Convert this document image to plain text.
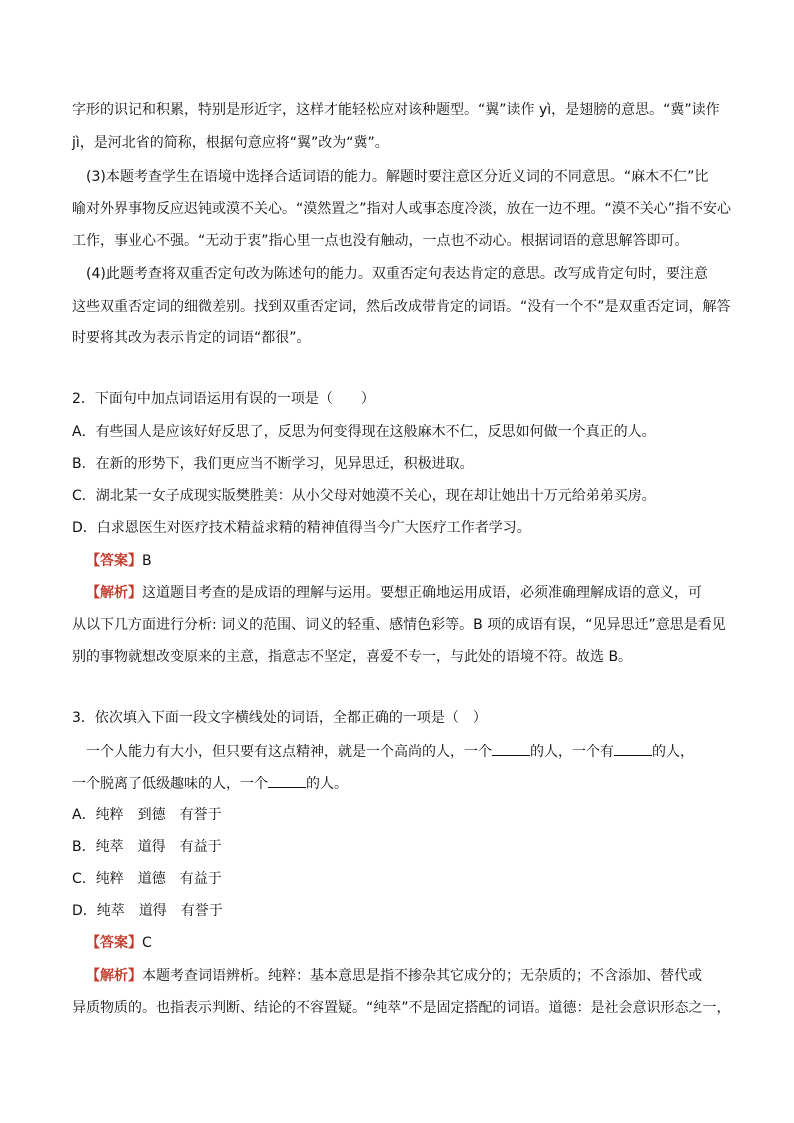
字形的识记和积累，特别是形近字，这样才能轻松应对该种题型。“翼”读作 yì，是翅膀的意思。“冀”读作
jì，是河北省的简称，根据句意应将“翼”改为“冀”。
(3)本题考查学生在语境中选择合适词语的能力。解题时要注意区分近义词的不同意思。“麻木不仁”比
喻对外界事物反应迟钝或漠不关心。“漠然置之”指对人或事态度冷淡，放在一边不理。“漠不关心”指不安心
工作，事业心不强。“无动于衷”指心里一点也没有触动，一点也不动心。根据词语的意思解答即可。
(4)此题考查将双重否定句改为陈述句的能力。双重否定句表达肯定的意思。改写成肯定句时，要注意
这些双重否定词的细微差别。找到双重否定词，然后改成带肯定的词语。“没有一个不”是双重否定词，解答
时要将其改为表示肯定的词语“都很”。
2．下面句中加点词语运用有误的一项是（　　）
A．有些国人是应该好好反思了，反思为何变得现在这般麻木不仁，反思如何做一个真正的人。
B．在新的形势下，我们更应当不断学习，见异思迁，积极进取。
C．湖北某一女子成现实版樊胜美：从小父母对她漠不关心，现在却让她出十万元给弟弟买房。
D．白求恩医生对医疗技术精益求精的精神值得当今广大医疗工作者学习。
【答案】B
【解析】这道题目考查的是成语的理解与运用。要想正确地运用成语，必须准确理解成语的意义，可
从以下几方面进行分析: 词义的范围、词义的轻重、感情色彩等。B 项的成语有误，“见异思迁”意思是看见
别的事物就想改变原来的主意，指意志不坚定，喜爱不专一，与此处的语境不符。故选 B。
3．依次填入下面一段文字横线处的词语，全都正确的一项是（　）
一个人能力有大小，但只要有这点精神，就是一个高尚的人，一个	的人，一个有	的人，
一个脱离了低级趣味的人，一个	的人。
A．纯粹 到德 有誉于
B．纯萃 道得 有益于
C．纯粹 道德 有益于
D．纯萃 道得 有誉于
【答案】C
【解析】本题考查词语辨析。纯粹：基本意思是指不掺杂其它成分的；无杂质的；不含添加、替代或
异质物质的。也指表示判断、结论的不容置疑。“纯萃”不是固定搭配的词语。道德：是社会意识形态之一，
